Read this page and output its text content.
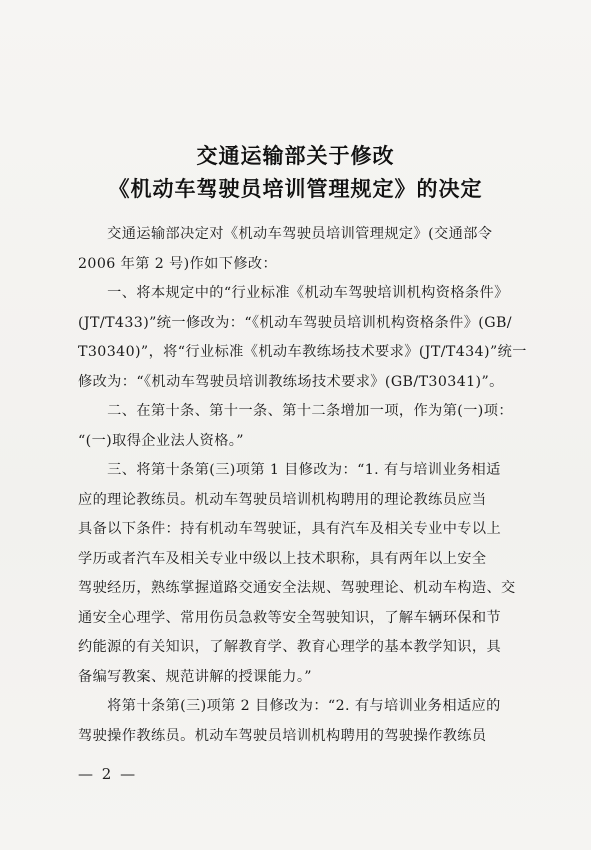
交通运输部关于修改
《机动车驾驶员培训管理规定》的决定
　　交通运输部决定对《机动车驾驶员培训管理规定》(交通部令
2006 年第 2 号)作如下修改：
　　一、将本规定中的“行业标准《机动车驾驶培训机构资格条件》
(JT/T433)”统一修改为：“《机动车驾驶员培训机构资格条件》(GB/
T30340)”，将“行业标准《机动车教练场技术要求》(JT/T434)”统一
修改为：“《机动车驾驶员培训教练场技术要求》(GB/T30341)”。
　　二、在第十条、第十一条、第十二条增加一项，作为第(一)项：
“(一)取得企业法人资格。”
　　三、将第十条第(三)项第 1 目修改为：“1. 有与培训业务相适
应的理论教练员。机动车驾驶员培训机构聘用的理论教练员应当
具备以下条件：持有机动车驾驶证，具有汽车及相关专业中专以上
学历或者汽车及相关专业中级以上技术职称，具有两年以上安全
驾驶经历，熟练掌握道路交通安全法规、驾驶理论、机动车构造、交
通安全心理学、常用伤员急救等安全驾驶知识，了解车辆环保和节
约能源的有关知识，了解教育学、教育心理学的基本教学知识，具
备编写教案、规范讲解的授课能力。”
　　将第十条第(三)项第 2 目修改为：“2. 有与培训业务相适应的
— 2 —
驾驶操作教练员。机动车驾驶员培训机构聘用的驾驶操作教练员
